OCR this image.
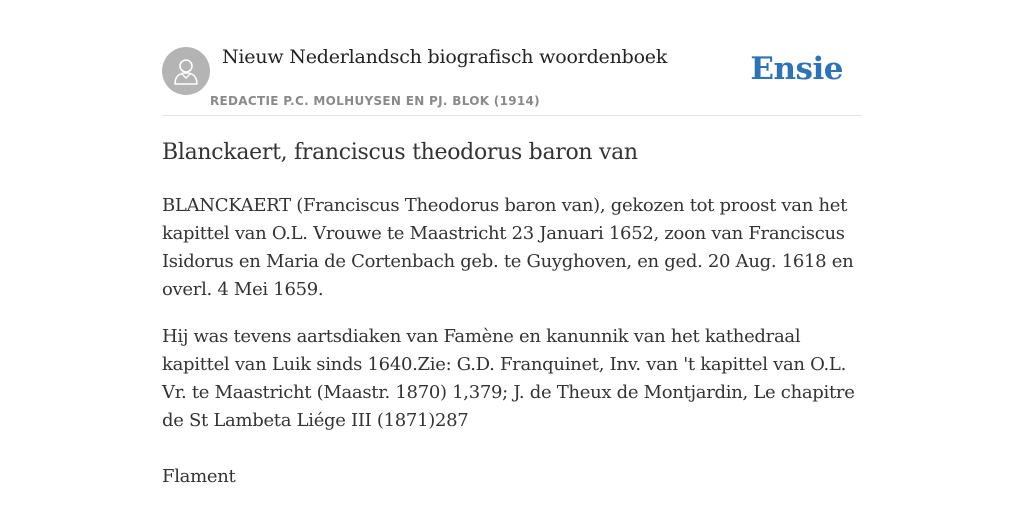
Nieuw Nederlandsch biografisch woordenboek
REDACTIE P.C. MOLHUYSEN EN PJ. BLOK (1914)
Ensie
Blanckaert, franciscus theodorus baron van

BLANCKAERT (Franciscus Theodorus baron van), gekozen tot proost van het kapittel van O.L. Vrouwe te Maastricht 23 Januari 1652, zoon van Franciscus Isidorus en Maria de Cortenbach geb. te Guyghoven, en ged. 20 Aug. 1618 en overl. 4 Mei 1659.

Hij was tevens aartsdiaken van Famène en kanunnik van het kathedraal kapittel van Luik sinds 1640.Zie: G.D. Franquinet, Inv. van 't kapittel van O.L. Vr. te Maastricht (Maastr. 1870) 1,379; J. de Theux de Montjardin, Le chapitre de St Lambeta Liége III (1871)287

Flament
